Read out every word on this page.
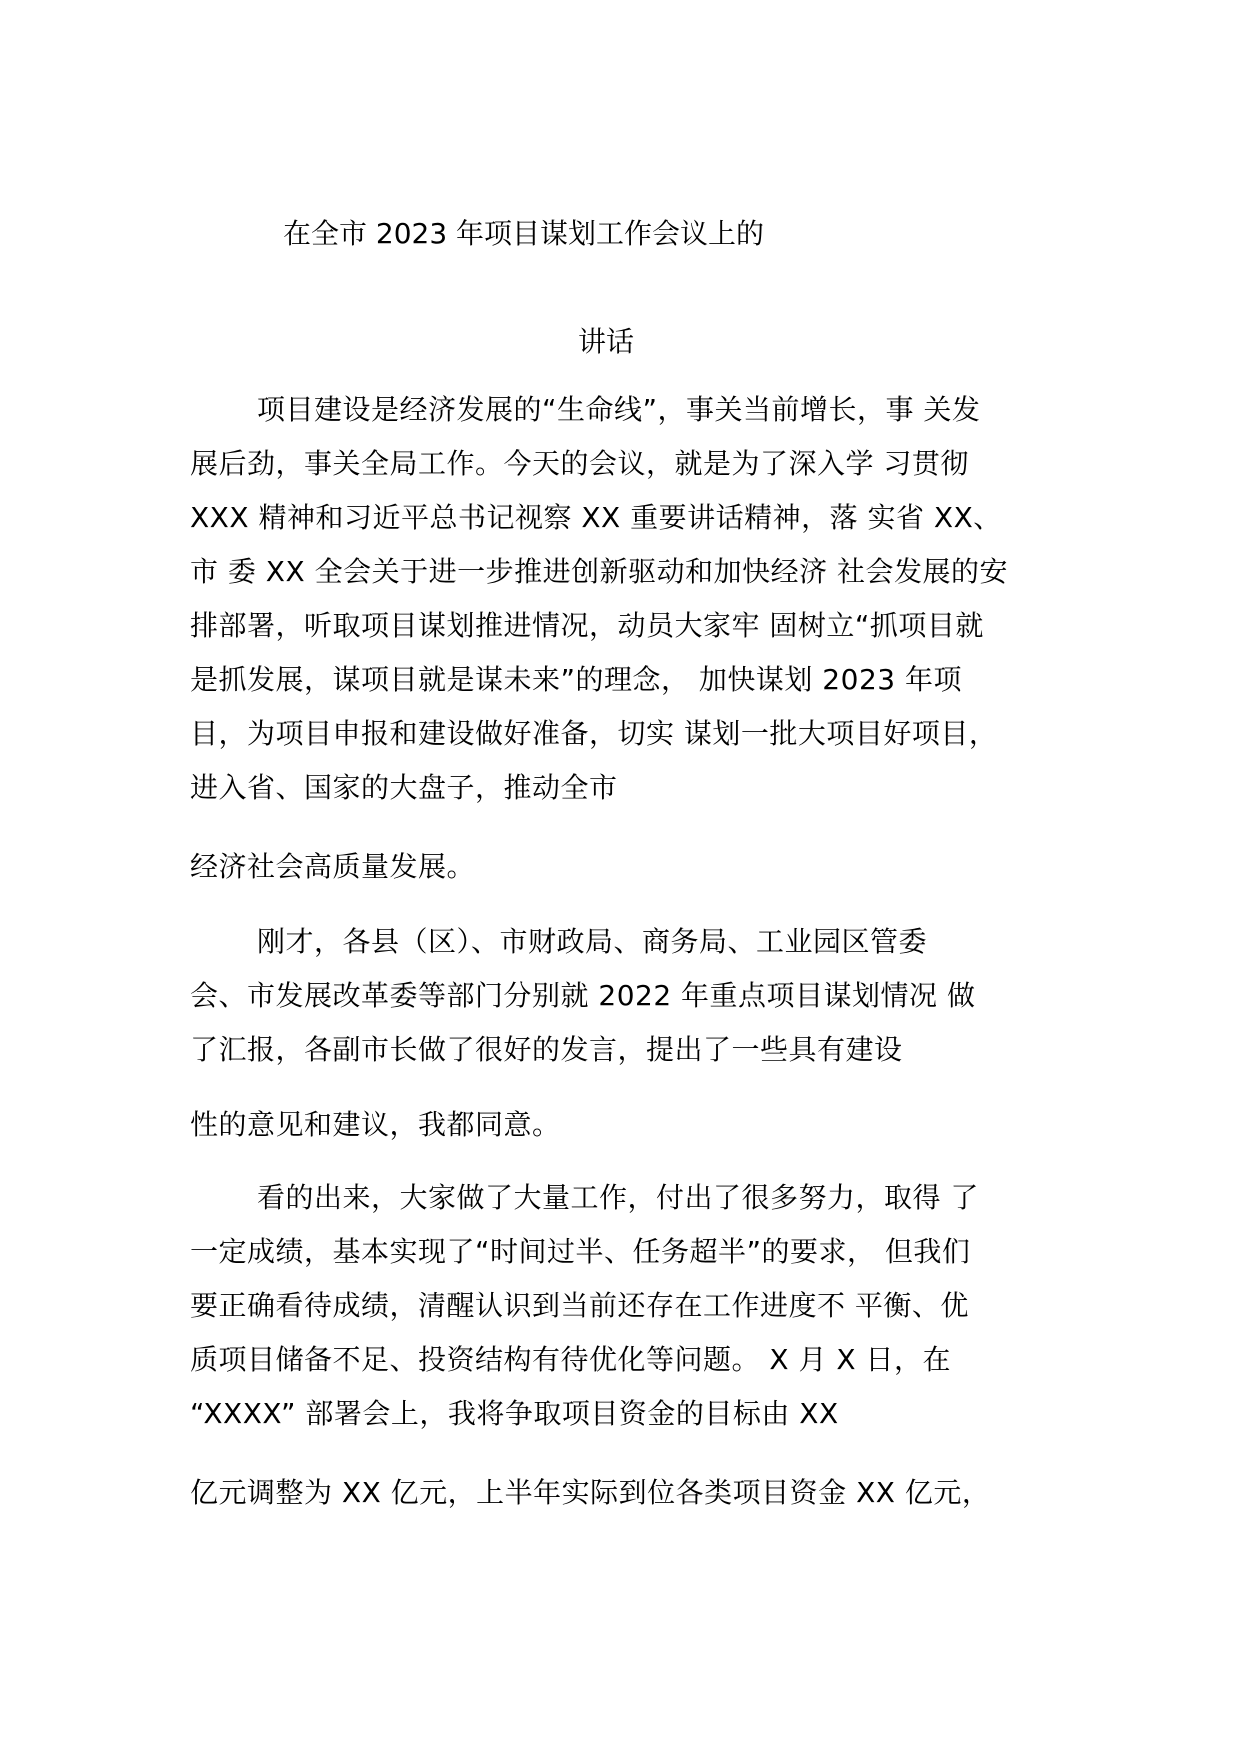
在全市 2023 年项目谋划工作会议上的
讲话
项目建设是经济发展的“生命线”，事关当前增长，事 关发
展后劲，事关全局工作。今天的会议，就是为了深入学 习贯彻
XXX 精神和习近平总书记视察 XX 重要讲话精神，落 实省 XX、
市 委 XX 全会关于进一步推进创新驱动和加快经济 社会发展的安
排部署，听取项目谋划推进情况，动员大家牢 固树立“抓项目就
是抓发展，谋项目就是谋未来”的理念， 加快谋划 2023 年项
目，为项目申报和建设做好准备，切实 谋划一批大项目好项目，
进入省、国家的大盘子，推动全市
经济社会高质量发展。
刚才，各县（区）、市财政局、商务局、工业园区管委
会、市发展改革委等部门分别就 2022 年重点项目谋划情况 做
了汇报，各副市长做了很好的发言，提出了一些具有建设
性的意见和建议，我都同意。
看的出来，大家做了大量工作，付出了很多努力，取得 了
一定成绩，基本实现了“时间过半、任务超半”的要求， 但我们
要正确看待成绩，清醒认识到当前还存在工作进度不 平衡、优
质项目储备不足、投资结构有待优化等问题。 X 月 X 日，在
“XXXX” 部署会上，我将争取项目资金的目标由 XX
亿元调整为 XX 亿元，上半年实际到位各类项目资金 XX 亿元，
